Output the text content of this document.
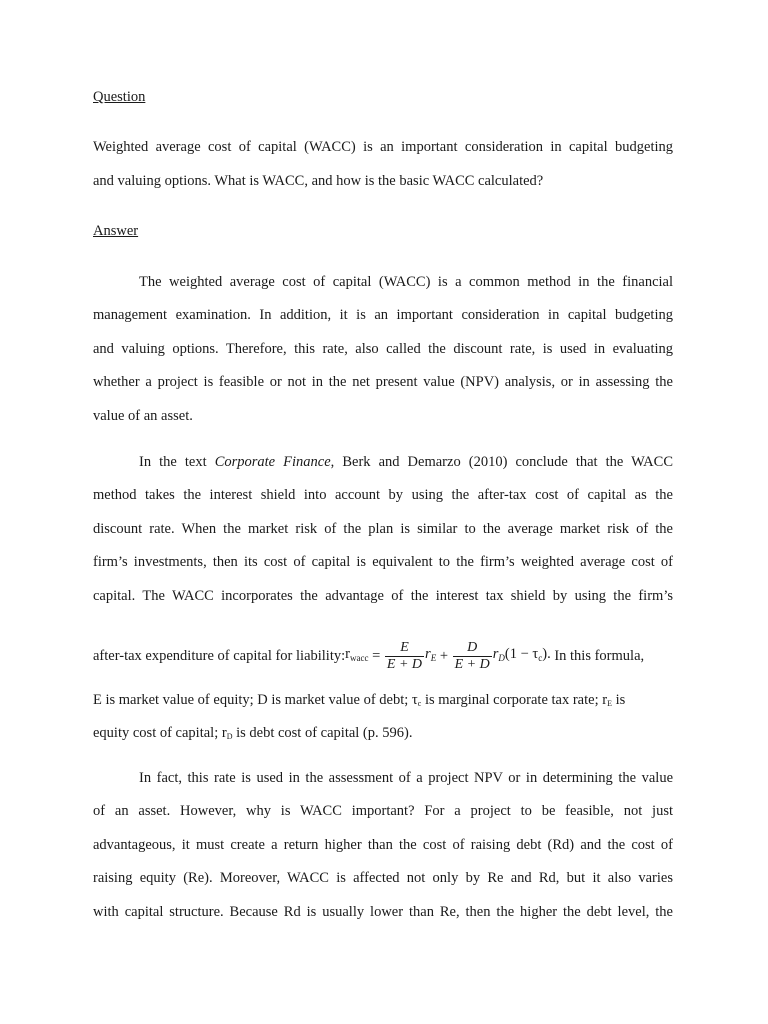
Question
Weighted average cost of capital (WACC) is an important consideration in capital budgeting
and valuing options. What is WACC, and how is the basic WACC calculated?
Answer
The weighted average cost of capital (WACC) is a common method in the financial
management examination. In addition, it is an important consideration in capital budgeting
and valuing options. Therefore, this rate, also called the discount rate, is used in evaluating
whether a project is feasible or not in the net present value (NPV) analysis, or in assessing the
value of an asset.
In the text Corporate Finance, Berk and Demarzo (2010) conclude that the WACC
method takes the interest shield into account by using the after-tax cost of capital as the
discount rate. When the market risk of the plan is similar to the average market risk of the
firm’s investments, then its cost of capital is equivalent to the firm’s weighted average cost of
capital. The WACC incorporates the advantage of the interest tax shield by using the firm’s
after-tax expenditure of capital for liability: $r_{wacc} = \frac{E}{E + D} r_E + \frac{D}{E + D} r_D$ $(1 - \tau_c)$. In this formula,
E is market value of equity; D is market value of debt; τc is marginal corporate tax rate; rE is
equity cost of capital; rD is debt cost of capital (p. 596).
In fact, this rate is used in the assessment of a project NPV or in determining the value
of an asset. However, why is WACC important? For a project to be feasible, not just
advantageous, it must create a return higher than the cost of raising debt (Rd) and the cost of
raising equity (Re). Moreover, WACC is affected not only by Re and Rd, but it also varies
with capital structure. Because Rd is usually lower than Re, then the higher the debt level, the
